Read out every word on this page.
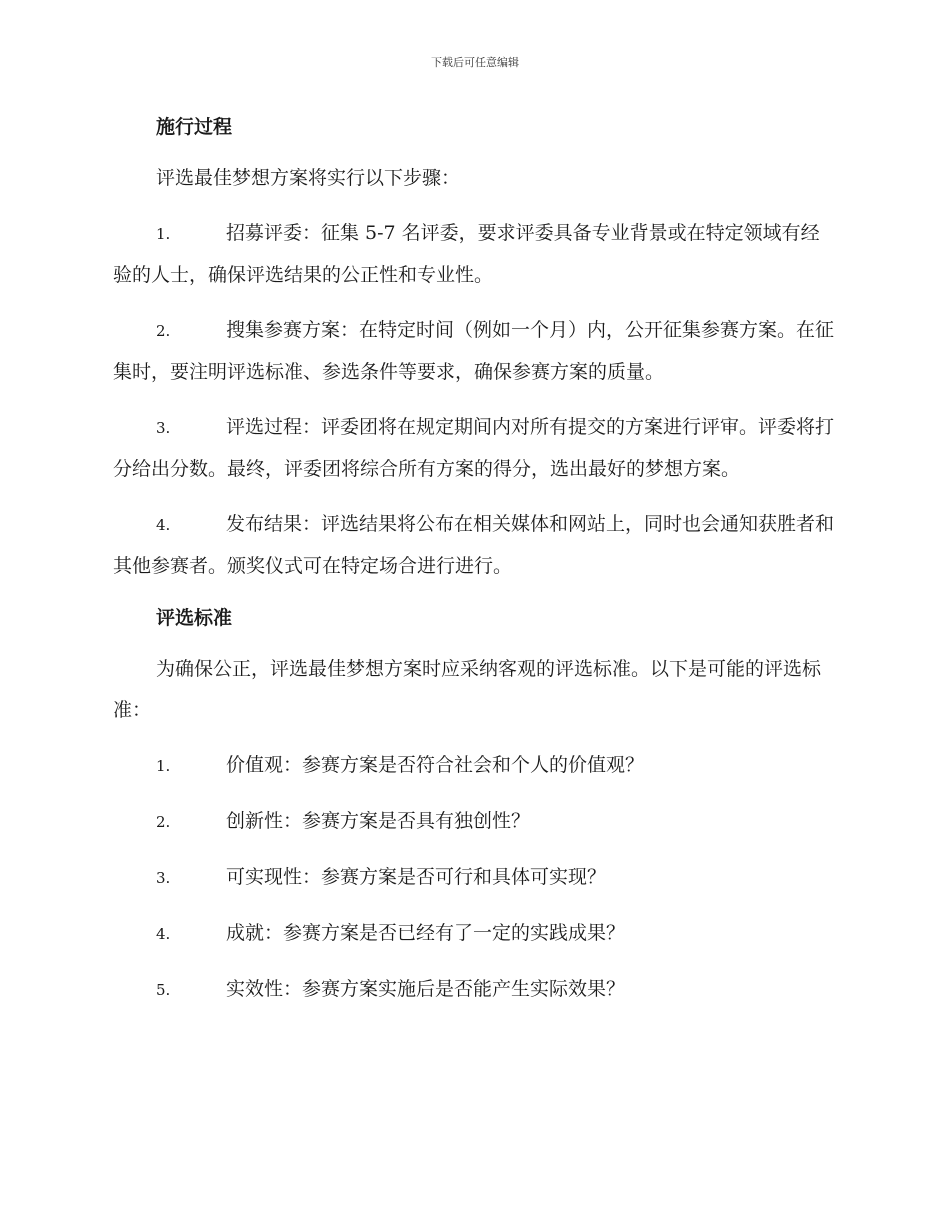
下载后可任意编辑
施行过程

评选最佳梦想方案将实行以下步骤：

1.	招募评委：征集 5-7 名评委，要求评委具备专业背景或在特定领域有经验的人士，确保评选结果的公正性和专业性。

2.	搜集参赛方案：在特定时间（例如一个月）内，公开征集参赛方案。在征集时，要注明评选标准、参选条件等要求，确保参赛方案的质量。

3.	评选过程：评委团将在规定期间内对所有提交的方案进行评审。评委将打分给出分数。最终，评委团将综合所有方案的得分，选出最好的梦想方案。

4.	发布结果：评选结果将公布在相关媒体和网站上，同时也会通知获胜者和其他参赛者。颁奖仪式可在特定场合进行进行。

评选标准

为确保公正，评选最佳梦想方案时应采纳客观的评选标准。以下是可能的评选标准：

1.	价值观：参赛方案是否符合社会和个人的价值观？

2.	创新性：参赛方案是否具有独创性？

3.	可实现性：参赛方案是否可行和具体可实现？

4.	成就：参赛方案是否已经有了一定的实践成果？

5.	实效性：参赛方案实施后是否能产生实际效果？
